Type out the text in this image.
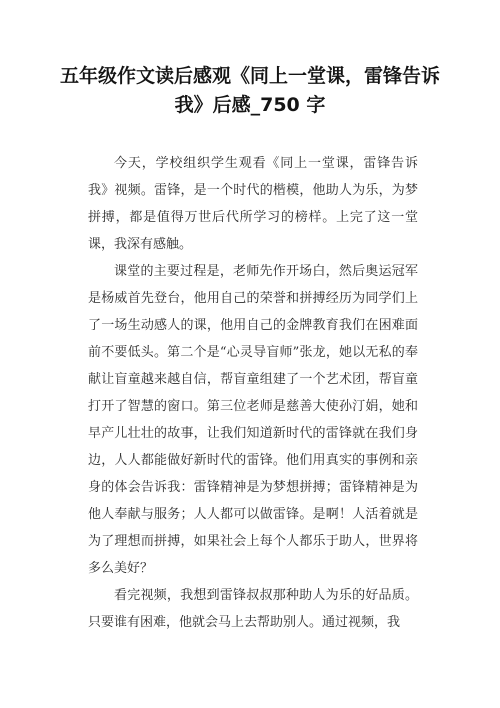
五年级作文读后感观《同上一堂课，雷锋告诉我》后感_750 字

今天，学校组织学生观看《同上一堂课，雷锋告诉我》视频。雷锋，是一个时代的楷模，他助人为乐，为梦拼搏，都是值得万世后代所学习的榜样。上完了这一堂课，我深有感触。

课堂的主要过程是，老师先作开场白，然后奥运冠军是杨威首先登台，他用自己的荣誉和拼搏经历为同学们上了一场生动感人的课，他用自己的金牌教育我们在困难面前不要低头。第二个是“心灵导盲师”张龙，她以无私的奉献让盲童越来越自信，帮盲童组建了一个艺术团，帮盲童打开了智慧的窗口。第三位老师是慈善大使孙汀娟，她和早产儿壮壮的故事，让我们知道新时代的雷锋就在我们身边，人人都能做好新时代的雷锋。他们用真实的事例和亲身的体会告诉我：雷锋精神是为梦想拼搏；雷锋精神是为他人奉献与服务；人人都可以做雷锋。是啊！人活着就是为了理想而拼搏，如果社会上每个人都乐于助人，世界将多么美好？

看完视频，我想到雷锋叔叔那种助人为乐的好品质。只要谁有困难，他就会马上去帮助别人。通过视频，我
